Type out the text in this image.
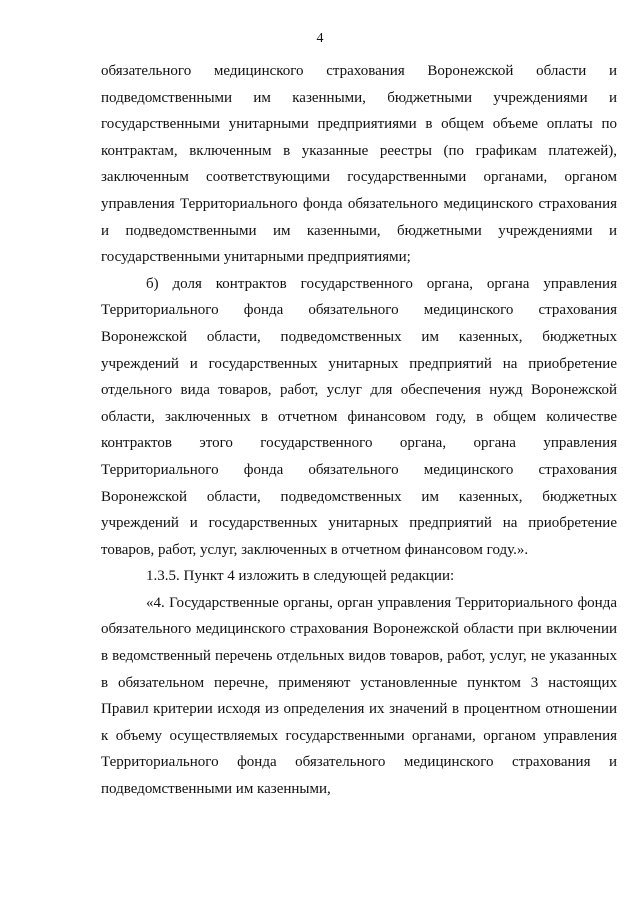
4

обязательного медицинского страхования Воронежской области и подведомственными им казенными, бюджетными учреждениями и государственными унитарными предприятиями в общем объеме оплаты по контрактам, включенным в указанные реестры (по графикам платежей), заключенным соответствующими государственными органами, органом управления Территориального фонда обязательного медицинского страхования и подведомственными им казенными, бюджетными учреждениями и государственными унитарными предприятиями;

б) доля контрактов государственного органа, органа управления Территориального фонда обязательного медицинского страхования Воронежской области, подведомственных им казенных, бюджетных учреждений и государственных унитарных предприятий на приобретение отдельного вида товаров, работ, услуг для обеспечения нужд Воронежской области, заключенных в отчетном финансовом году, в общем количестве контрактов этого государственного органа, органа управления Территориального фонда обязательного медицинского страхования Воронежской области, подведомственных им казенных, бюджетных учреждений и государственных унитарных предприятий на приобретение товаров, работ, услуг, заключенных в отчетном финансовом году.».

1.3.5. Пункт 4 изложить в следующей редакции:

«4. Государственные органы, орган управления Территориального фонда обязательного медицинского страхования Воронежской области при включении в ведомственный перечень отдельных видов товаров, работ, услуг, не указанных в обязательном перечне, применяют установленные пунктом 3 настоящих Правил критерии исходя из определения их значений в процентном отношении к объему осуществляемых государственными органами, органом управления Территориального фонда обязательного медицинского страхования и подведомственными им казенными,
